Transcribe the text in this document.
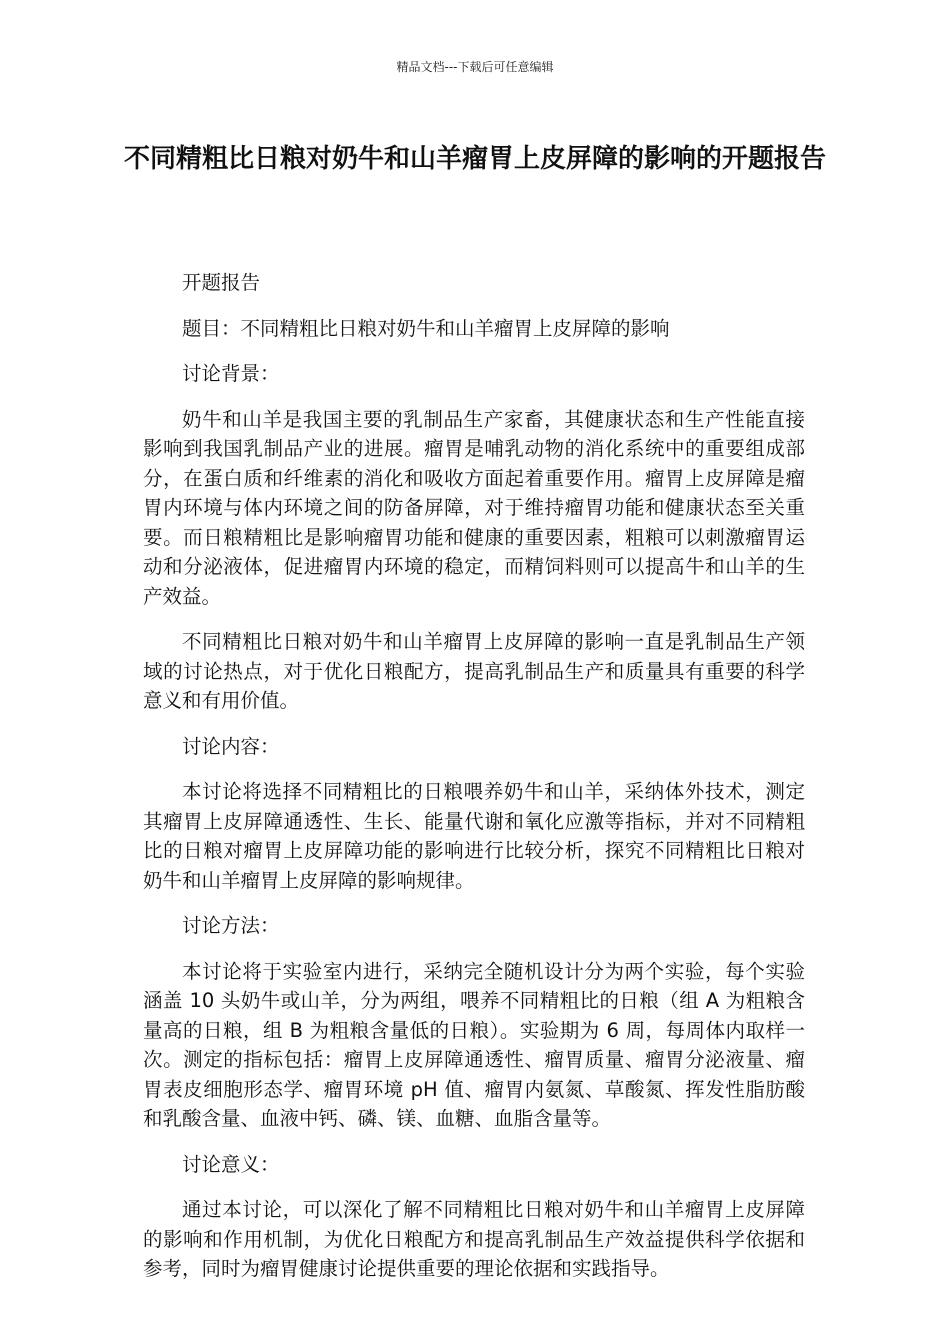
精品文档---下载后可任意编辑
不同精粗比日粮对奶牛和山羊瘤胃上皮屏障的影响的开题报告

开题报告

题目：不同精粗比日粮对奶牛和山羊瘤胃上皮屏障的影响

讨论背景：

奶牛和山羊是我国主要的乳制品生产家畜，其健康状态和生产性能直接影响到我国乳制品产业的进展。瘤胃是哺乳动物的消化系统中的重要组成部分，在蛋白质和纤维素的消化和吸收方面起着重要作用。瘤胃上皮屏障是瘤胃内环境与体内环境之间的防备屏障，对于维持瘤胃功能和健康状态至关重要。而日粮精粗比是影响瘤胃功能和健康的重要因素，粗粮可以刺激瘤胃运动和分泌液体，促进瘤胃内环境的稳定，而精饲料则可以提高牛和山羊的生产效益。

不同精粗比日粮对奶牛和山羊瘤胃上皮屏障的影响一直是乳制品生产领域的讨论热点，对于优化日粮配方，提高乳制品生产和质量具有重要的科学意义和有用价值。

讨论内容：

本讨论将选择不同精粗比的日粮喂养奶牛和山羊，采纳体外技术，测定其瘤胃上皮屏障通透性、生长、能量代谢和氧化应激等指标，并对不同精粗比的日粮对瘤胃上皮屏障功能的影响进行比较分析，探究不同精粗比日粮对奶牛和山羊瘤胃上皮屏障的影响规律。

讨论方法：

本讨论将于实验室内进行，采纳完全随机设计分为两个实验，每个实验涵盖 10 头奶牛或山羊，分为两组，喂养不同精粗比的日粮（组 A 为粗粮含量高的日粮，组 B 为粗粮含量低的日粮）。实验期为 6 周，每周体内取样一次。测定的指标包括：瘤胃上皮屏障通透性、瘤胃质量、瘤胃分泌液量、瘤胃表皮细胞形态学、瘤胃环境 pH 值、瘤胃内氨氮、草酸氮、挥发性脂肪酸和乳酸含量、血液中钙、磷、镁、血糖、血脂含量等。

讨论意义：

通过本讨论，可以深化了解不同精粗比日粮对奶牛和山羊瘤胃上皮屏障的影响和作用机制，为优化日粮配方和提高乳制品生产效益提供科学依据和参考，同时为瘤胃健康讨论提供重要的理论依据和实践指导。
